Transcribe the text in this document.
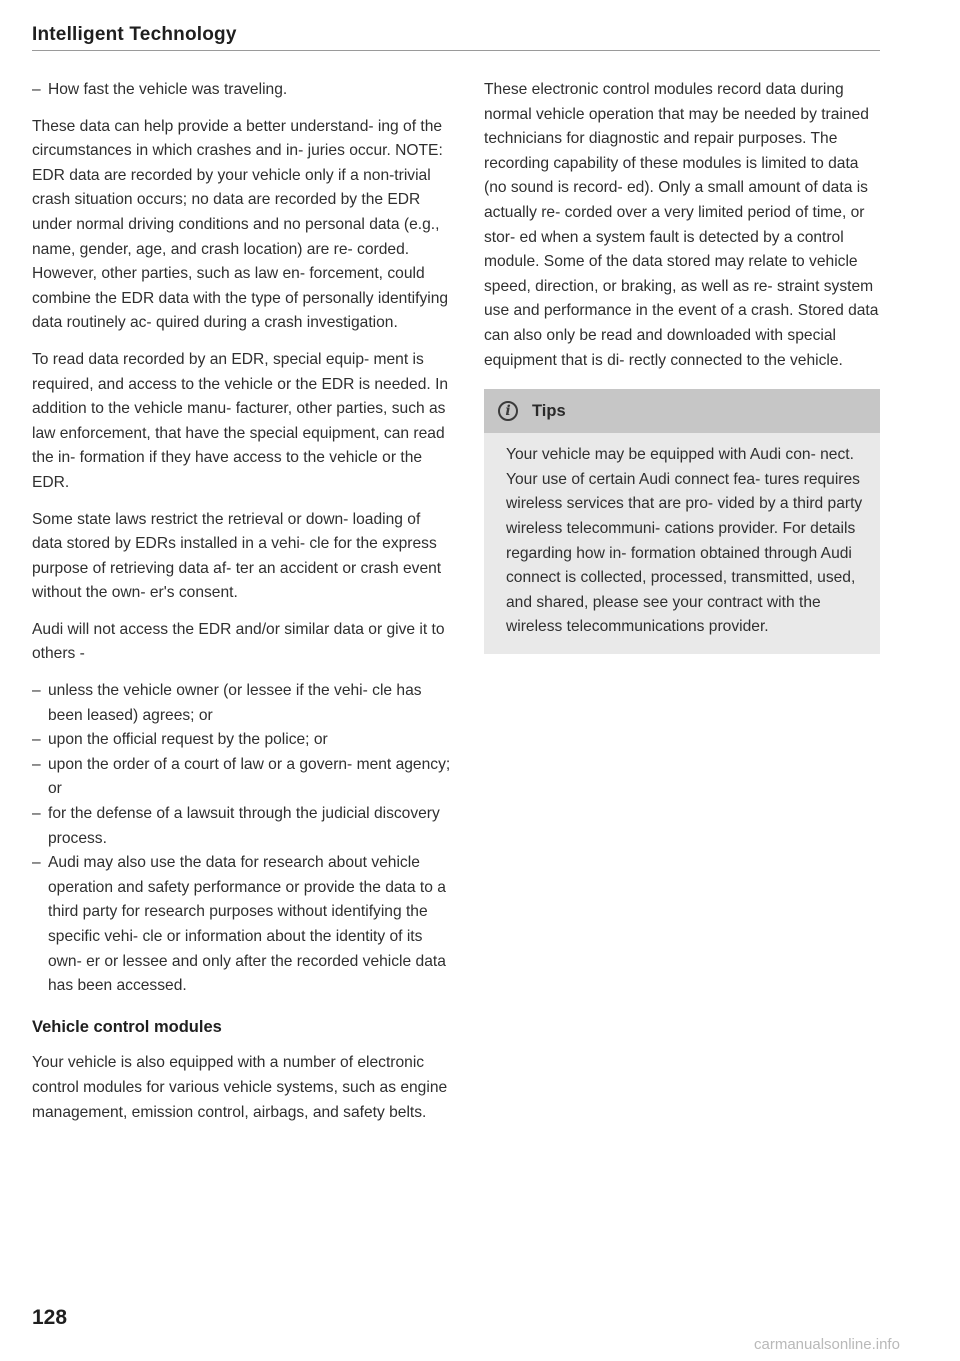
Intelligent Technology
– How fast the vehicle was traveling.

These data can help provide a better understand- ing of the circumstances in which crashes and in- juries occur. NOTE: EDR data are recorded by your vehicle only if a non-trivial crash situation occurs; no data are recorded by the EDR under normal driving conditions and no personal data (e.g., name, gender, age, and crash location) are re- corded. However, other parties, such as law en- forcement, could combine the EDR data with the type of personally identifying data routinely ac- quired during a crash investigation.

To read data recorded by an EDR, special equip- ment is required, and access to the vehicle or the EDR is needed. In addition to the vehicle manu- facturer, other parties, such as law enforcement, that have the special equipment, can read the in- formation if they have access to the vehicle or the EDR.

Some state laws restrict the retrieval or down- loading of data stored by EDRs installed in a vehi- cle for the express purpose of retrieving data af- ter an accident or crash event without the own- er's consent.

Audi will not access the EDR and/or similar data or give it to others -

– unless the vehicle owner (or lessee if the vehi- cle has been leased) agrees; or
– upon the official request by the police; or
– upon the order of a court of law or a govern- ment agency; or
– for the defense of a lawsuit through the judicial discovery process.
– Audi may also use the data for research about vehicle operation and safety performance or provide the data to a third party for research purposes without identifying the specific vehi- cle or information about the identity of its own- er or lessee and only after the recorded vehicle data has been accessed.
Vehicle control modules

Your vehicle is also equipped with a number of electronic control modules for various vehicle systems, such as engine management, emission control, airbags, and safety belts.

These electronic control modules record data during normal vehicle operation that may be needed by trained technicians for diagnostic and repair purposes. The recording capability of these modules is limited to data (no sound is record- ed). Only a small amount of data is actually re- corded over a very limited period of time, or stor- ed when a system fault is detected by a control module. Some of the data stored may relate to vehicle speed, direction, or braking, as well as re- straint system use and performance in the event of a crash. Stored data can also only be read and downloaded with special equipment that is di- rectly connected to the vehicle.

i	Tips
Your vehicle may be equipped with Audi con- nect. Your use of certain Audi connect fea- tures requires wireless services that are pro- vided by a third party wireless telecommuni- cations provider. For details regarding how in- formation obtained through Audi connect is collected, processed, transmitted, used, and shared, please see your contract with the wireless telecommunications provider.
128
carmanualsonline.info
